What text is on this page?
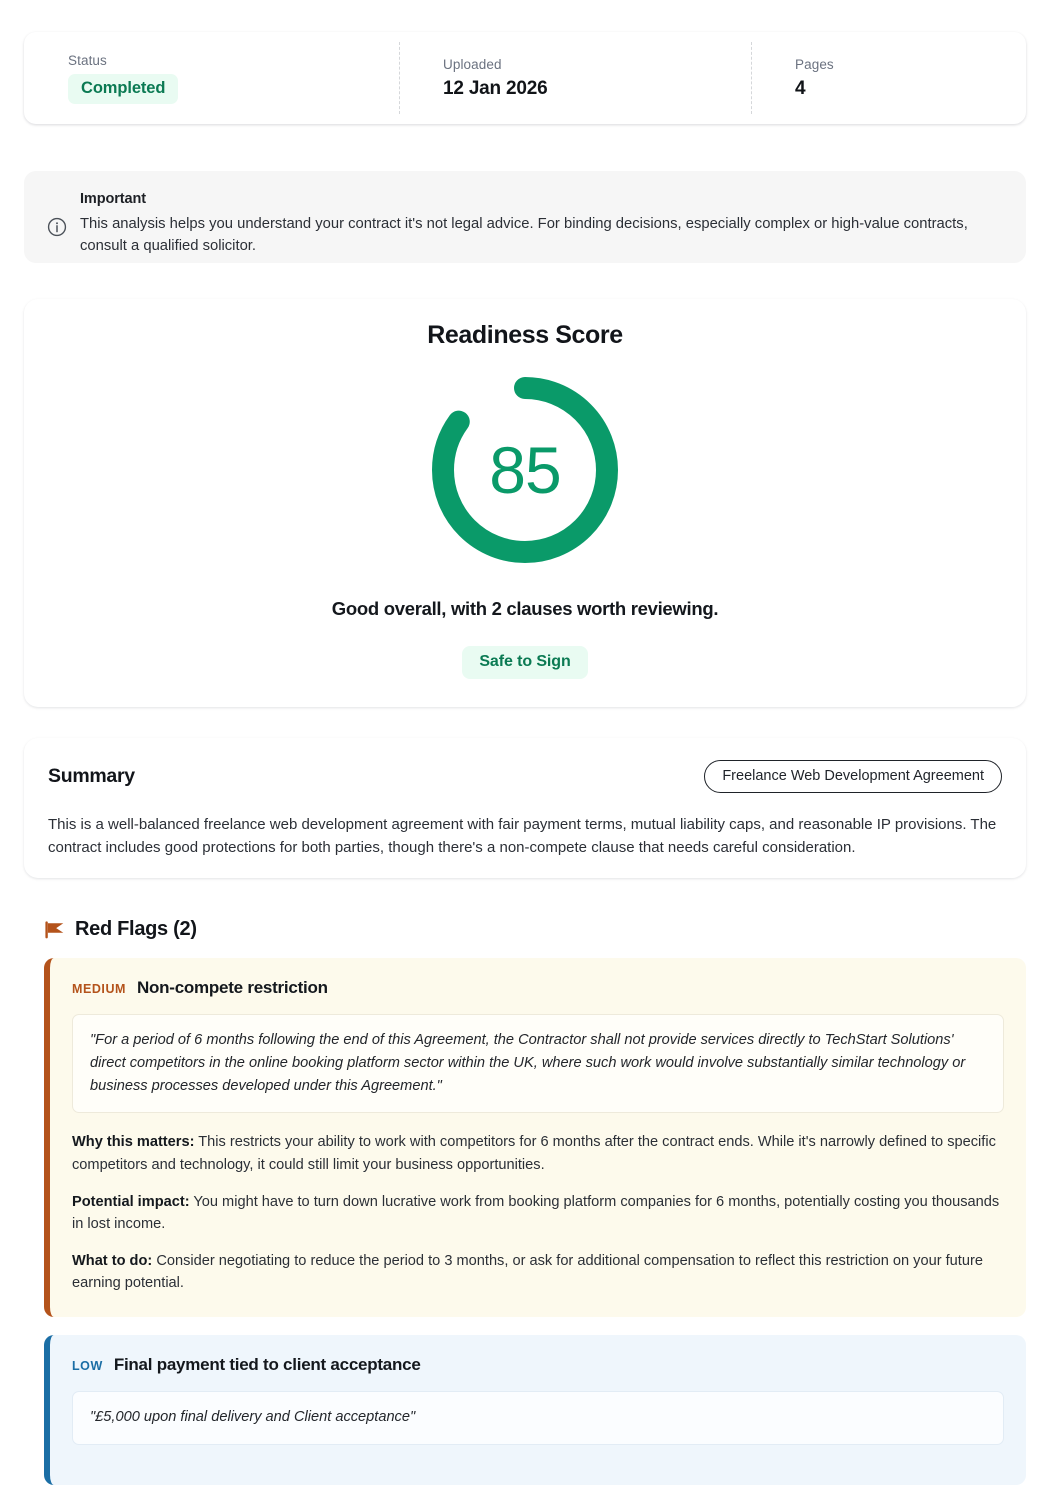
Status
Completed
Uploaded
12 Jan 2026
Pages
4
Important
This analysis helps you understand your contract it's not legal advice. For binding decisions, especially complex or high-value contracts, consult a qualified solicitor.
Readiness Score
85
Good overall, with 2 clauses worth reviewing.
Safe to Sign
Summary	Freelance Web Development Agreement
This is a well-balanced freelance web development agreement with fair payment terms, mutual liability caps, and reasonable IP provisions. The contract includes good protections for both parties, though there's a non-compete clause that needs careful consideration.
Red Flags (2)
MEDIUM Non-compete restriction
"For a period of 6 months following the end of this Agreement, the Contractor shall not provide services directly to TechStart Solutions' direct competitors in the online booking platform sector within the UK, where such work would involve substantially similar technology or business processes developed under this Agreement."
Why this matters: This restricts your ability to work with competitors for 6 months after the contract ends. While it's narrowly defined to specific competitors and technology, it could still limit your business opportunities.
Potential impact: You might have to turn down lucrative work from booking platform companies for 6 months, potentially costing you thousands in lost income.
What to do: Consider negotiating to reduce the period to 3 months, or ask for additional compensation to reflect this restriction on your future earning potential.
LOW Final payment tied to client acceptance
"£5,000 upon final delivery and Client acceptance"
